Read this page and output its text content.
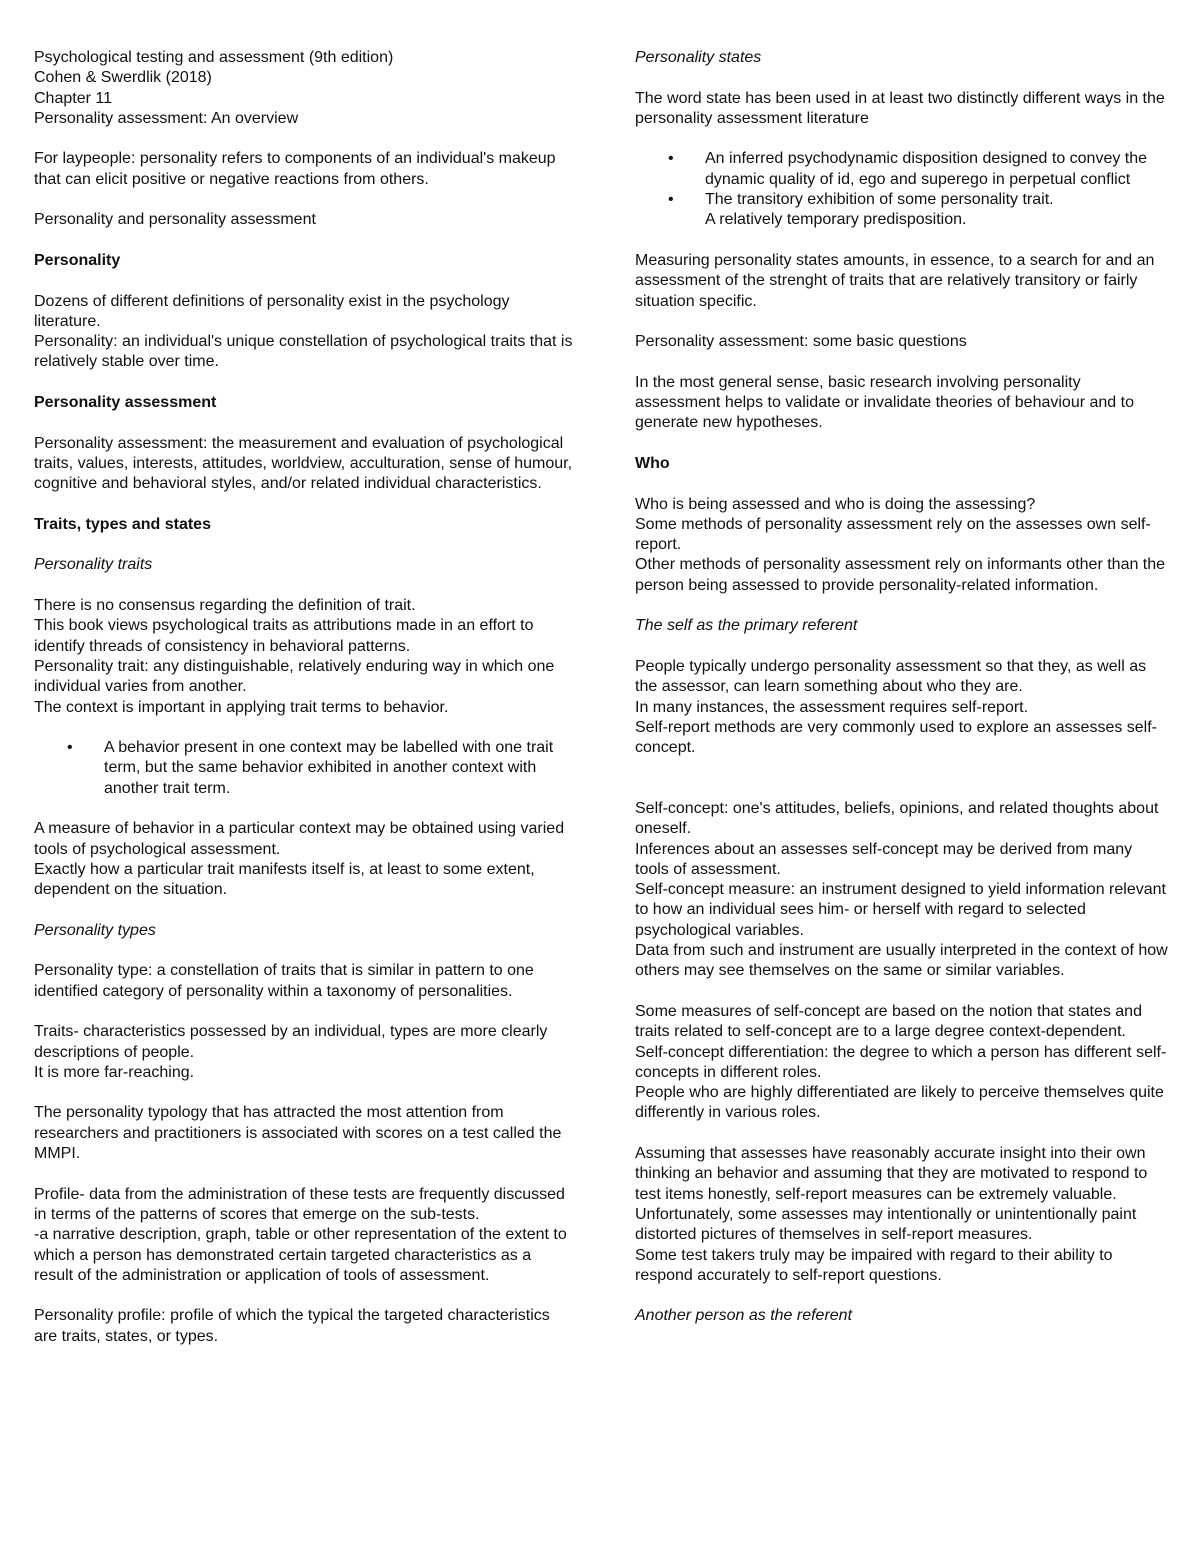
Psychological testing and assessment (9th edition)

Cohen & Swerdlik (2018)

Chapter 11

Personality assessment: An overview

For laypeople: personality refers to components of an individual's makeup that can elicit positive or negative reactions from others.

Personality and personality assessment

Personality

Dozens of different definitions of personality exist in the psychology literature.

Personality: an individual's unique constellation of psychological traits that is relatively stable over time.

Personality assessment

Personality assessment: the measurement and evaluation of psychological traits, values, interests, attitudes, worldview, acculturation, sense of humour, cognitive and behavioral styles, and/or related individual characteristics.

Traits, types and states

Personality traits

There is no consensus regarding the definition of trait.

This book views psychological traits as attributions made in an effort to identify threads of consistency in behavioral patterns.

Personality trait: any distinguishable, relatively enduring way in which one individual varies from another.

The context is important in applying trait terms to behavior.

• A behavior present in one context may be labelled with one trait term, but the same behavior exhibited in another context with another trait term.

A measure of behavior in a particular context may be obtained using varied tools of psychological assessment.

Exactly how a particular trait manifests itself is, at least to some extent, dependent on the situation.

Personality types

Personality type: a constellation of traits that is similar in pattern to one identified category of personality within a taxonomy of personalities.

Traits- characteristics possessed by an individual, types are more clearly descriptions of people.

It is more far-reaching.

The personality typology that has attracted the most attention from researchers and practitioners is associated with scores on a test called the MMPI.

Profile- data from the administration of these tests are frequently discussed in terms of the patterns of scores that emerge on the sub-tests.

-a narrative description, graph, table or other representation of the extent to which a person has demonstrated certain targeted characteristics as a result of the administration or application of tools of assessment.

Personality profile: profile of which the typical the targeted characteristics are traits, states, or types.

Personality states

The word state has been used in at least two distinctly different ways in the personality assessment literature

• An inferred psychodynamic disposition designed to convey the dynamic quality of id, ego and superego in perpetual conflict
• The transitory exhibition of some personality trait.
A relatively temporary predisposition.

Measuring personality states amounts, in essence, to a search for and an assessment of the strenght of traits that are relatively transitory or fairly situation specific.

Personality assessment: some basic questions

In the most general sense, basic research involving personality assessment helps to validate or invalidate theories of behaviour and to generate new hypotheses.

Who

Who is being assessed and who is doing the assessing?

Some methods of personality assessment rely on the assesses own self-report.

Other methods of personality assessment rely on informants other than the person being assessed to provide personality-related information.

The self as the primary referent

People typically undergo personality assessment so that they, as well as the assessor, can learn something about who they are.

In many instances, the assessment requires self-report.

Self-report methods are very commonly used to explore an assesses self-concept.

Self-concept: one's attitudes, beliefs, opinions, and related thoughts about oneself.

Inferences about an assesses self-concept may be derived from many tools of assessment.

Self-concept measure: an instrument designed to yield information relevant to how an individual sees him- or herself with regard to selected psychological variables.

Data from such and instrument are usually interpreted in the context of how others may see themselves on the same or similar variables.

Some measures of self-concept are based on the notion that states and traits related to self-concept are to a large degree context-dependent.

Self-concept differentiation: the degree to which a person has different self-concepts in different roles.

People who are highly differentiated are likely to perceive themselves quite differently in various roles.

Assuming that assesses have reasonably accurate insight into their own thinking an behavior and assuming that they are motivated to respond to test items honestly, self-report measures can be extremely valuable.

Unfortunately, some assesses may intentionally or unintentionally paint distorted pictures of themselves in self-report measures.

Some test takers truly may be impaired with regard to their ability to respond accurately to self-report questions.

Another person as the referent
